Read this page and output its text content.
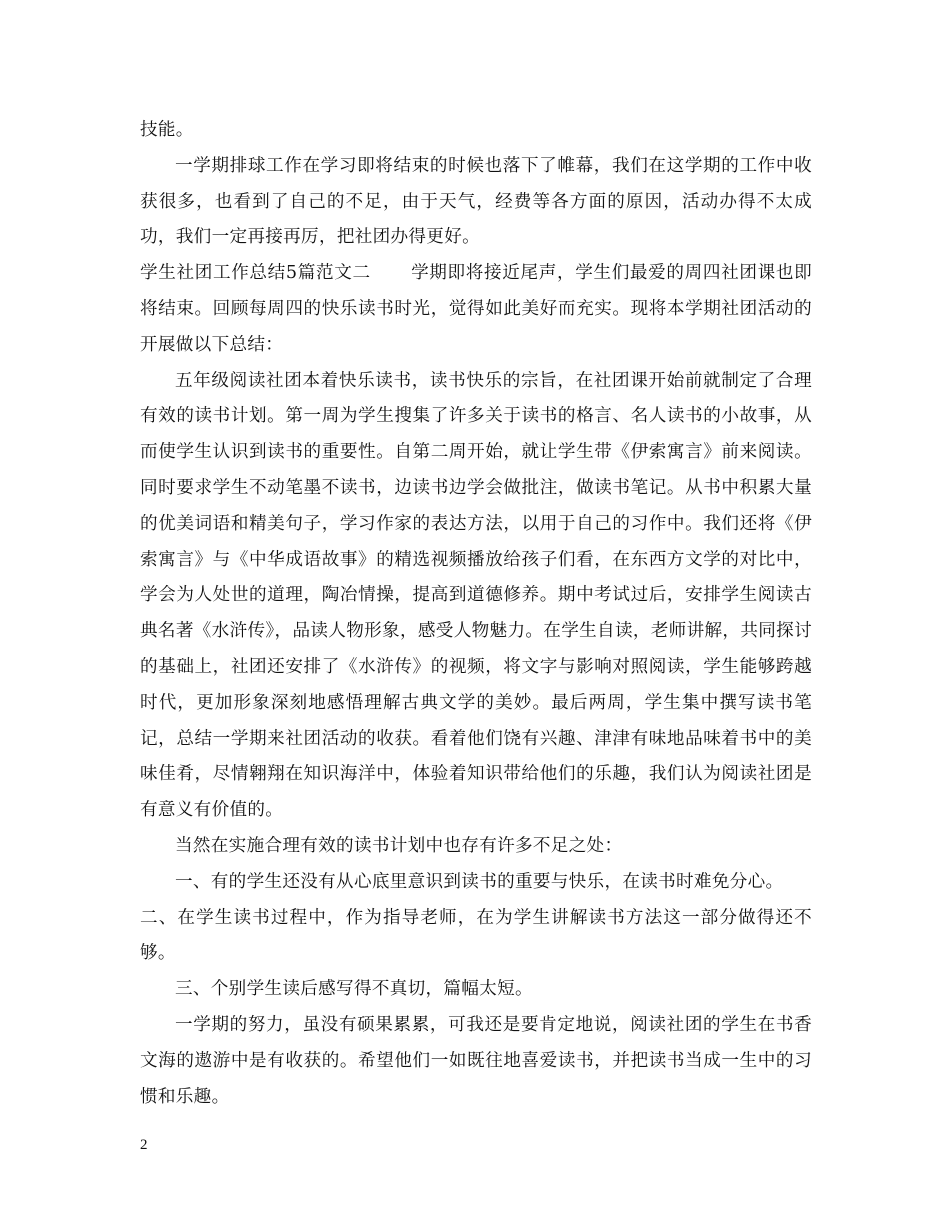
技能。

一学期排球工作在学习即将结束的时候也落下了帷幕，我们在这学期的工作中收获很多，也看到了自己的不足，由于天气，经费等各方面的原因，活动办得不太成功，我们一定再接再厉，把社团办得更好。

学生社团工作总结5篇范文二 学期即将接近尾声，学生们最爱的周四社团课也即将结束。回顾每周四的快乐读书时光，觉得如此美好而充实。现将本学期社团活动的开展做以下总结：

五年级阅读社团本着快乐读书，读书快乐的宗旨，在社团课开始前就制定了合理有效的读书计划。第一周为学生搜集了许多关于读书的格言、名人读书的小故事，从而使学生认识到读书的重要性。自第二周开始，就让学生带《伊索寓言》前来阅读。同时要求学生不动笔墨不读书，边读书边学会做批注，做读书笔记。从书中积累大量的优美词语和精美句子，学习作家的表达方法，以用于自己的习作中。我们还将《伊索寓言》与《中华成语故事》的精选视频播放给孩子们看，在东西方文学的对比中，学会为人处世的道理，陶冶情操，提高到道德修养。期中考试过后，安排学生阅读古典名著《水浒传》，品读人物形象，感受人物魅力。在学生自读，老师讲解，共同探讨的基础上，社团还安排了《水浒传》的视频，将文字与影响对照阅读，学生能够跨越时代，更加形象深刻地感悟理解古典文学的美妙。最后两周，学生集中撰写读书笔记，总结一学期来社团活动的收获。看着他们饶有兴趣、津津有味地品味着书中的美味佳肴，尽情翱翔在知识海洋中，体验着知识带给他们的乐趣，我们认为阅读社团是有意义有价值的。

当然在实施合理有效的读书计划中也存有许多不足之处：

一、有的学生还没有从心底里意识到读书的重要与快乐，在读书时难免分心。

二、在学生读书过程中，作为指导老师，在为学生讲解读书方法这一部分做得还不够。

三、个别学生读后感写得不真切，篇幅太短。

一学期的努力，虽没有硕果累累，可我还是要肯定地说，阅读社团的学生在书香文海的遨游中是有收获的。希望他们一如既往地喜爱读书，并把读书当成一生中的习惯和乐趣。

2
